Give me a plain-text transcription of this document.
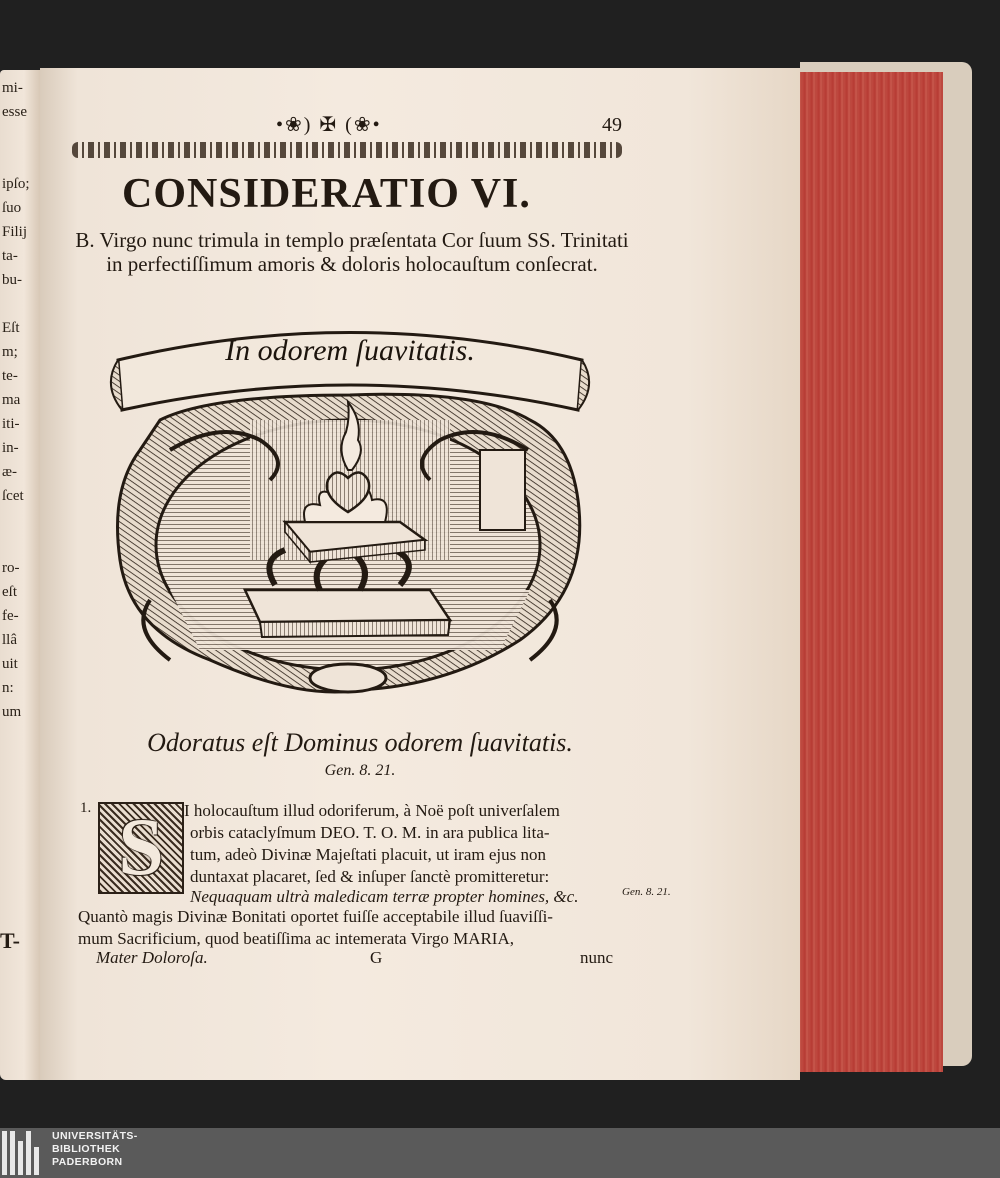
mi-
esse
ipſo;
ſuo
Filij
ta-
bu-
Eſt
m;
te-
ma
iti-
in-
æ-
ſcet
ro-
eſt
fe-
llâ
uit
n:
um
T-
•❀) ✠ (❀•	49
CONSIDERATIO VI.
B. Virgo nunc trimula in templo præſentata Cor ſuum SS. Trinitati in perfectiſſimum amoris & doloris holocauſtum conſecrat.
In odorem ſuavitatis.
Odoratus eſt Dominus odorem ſuavitatis.
Gen. 8. 21.
1. S	I holocauſtum illud odoriferum, à Noë poſt univerſalem
orbis cataclyſmum DEO. T. O. M. in ara publica lita-
tum, adeò Divinæ Majeſtati placuit, ut iram ejus non
duntaxat placaret, ſed & inſuper ſanctè promitteretur:
Nequaquam ultrà maledicam terræ propter homines, &c.	Gen. 8. 21.
Quantò magis Divinæ Bonitati oportet fuiſſe acceptabile illud ſuaviſſi-
mum Sacrificium, quod beatiſſima ac intemerata Virgo MARIA,
Mater Doloroſa.	G	nunc
UNIVERSITÄTS-
BIBLIOTHEK
PADERBORN
